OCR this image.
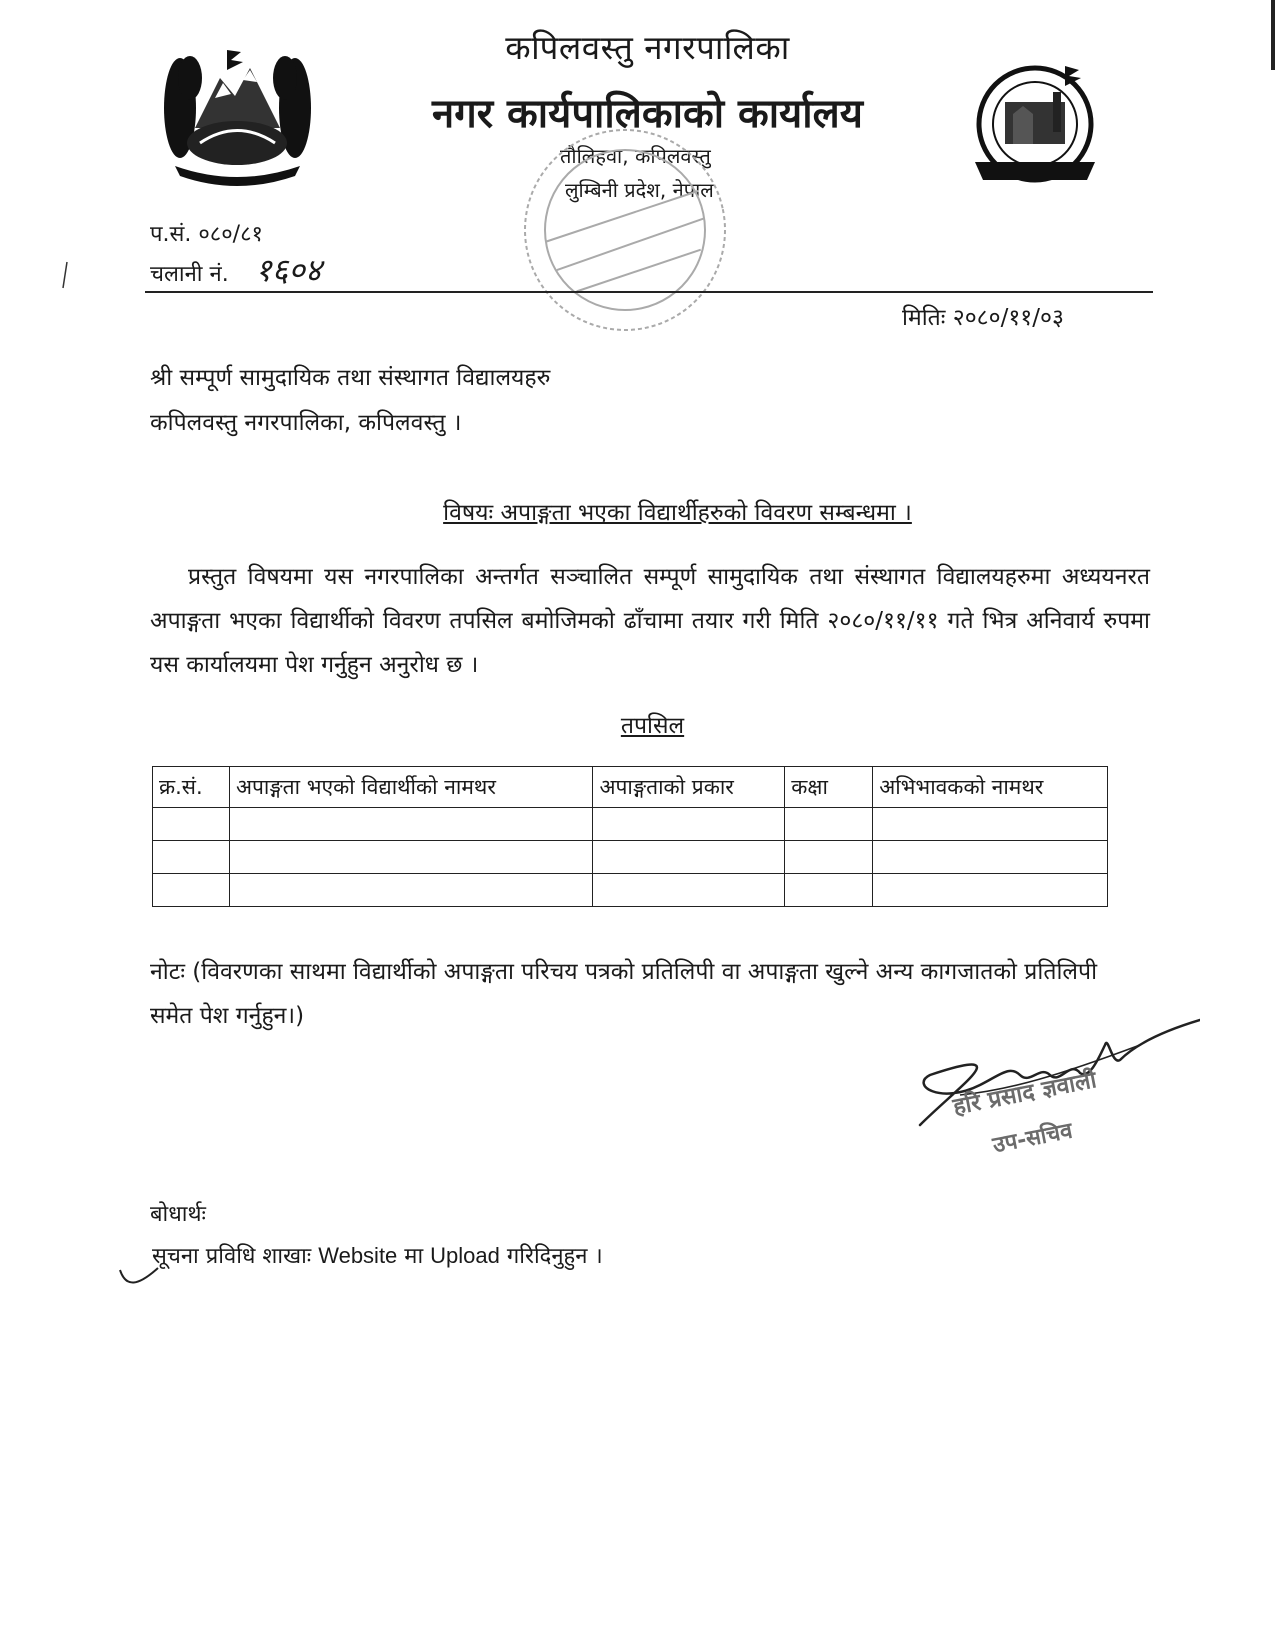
कपिलवस्तु नगरपालिका
नगर कार्यपालिकाको कार्यालय
तौलिहवा, कपिलवस्तु
लुम्बिनी प्रदेश, नेपाल
प.सं. ०८०/८१
चलानी नं. १६०४
मितिः २०८०/११/०३
श्री सम्पूर्ण सामुदायिक तथा संस्थागत विद्यालयहरु
कपिलवस्तु नगरपालिका, कपिलवस्तु ।
विषयः अपाङ्गता भएका विद्यार्थीहरुको विवरण सम्बन्धमा ।
प्रस्तुत विषयमा यस नगरपालिका अन्तर्गत सञ्चालित सम्पूर्ण सामुदायिक तथा संस्थागत विद्यालयहरुमा अध्ययनरत अपाङ्गता भएका विद्यार्थीको विवरण तपसिल बमोजिमको ढाँचामा तयार गरी मिति २०८०/११/११ गते भित्र अनिवार्य रुपमा यस कार्यालयमा पेश गर्नुहुन अनुरोध छ ।
तपसिल
क्र.सं.	अपाङ्गता भएको विद्यार्थीको नामथर	अपाङ्गताको प्रकार	कक्षा	अभिभावकको नामथर

नोटः (विवरणका साथमा विद्यार्थीको अपाङ्गता परिचय पत्रको प्रतिलिपी वा अपाङ्गता खुल्ने अन्य कागजातको प्रतिलिपी समेत पेश गर्नुहुन।)
हरि प्रसाद ज्ञवाली
उप-सचिव
बोधार्थः
सूचना प्रविधि शाखाः Website मा Upload गरिदिनुहुन ।
